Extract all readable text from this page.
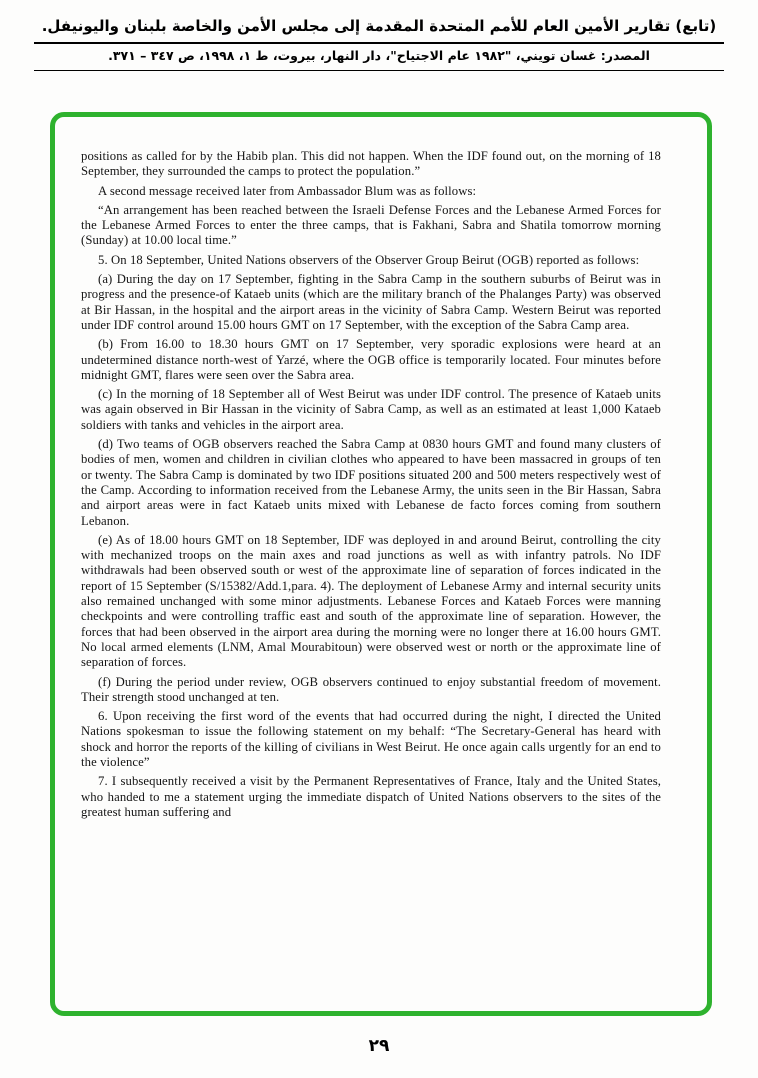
(تابع) تقارير الأمين العام للأمم المتحدة المقدمة إلى مجلس الأمن والخاصة بلبنان واليونيفل.
المصدر: غسان تويني، "١٩٨٢ عام الاجتياح"، دار النهار، بيروت، ط ١، ١٩٩٨، ص ٣٤٧ – ٣٧١.

positions as called for by the Habib plan. This did not happen. When the IDF found out, on the morning of 18 September, they surrounded the camps to protect the population.”

A second message received later from Ambassador Blum was as follows:

“An arrangement has been reached between the Israeli Defense Forces and the Lebanese Armed Forces for the Lebanese Armed Forces to enter the three camps, that is Fakhani, Sabra and Shatila tomorrow morning (Sunday) at 10.00 local time.”

5. On 18 September, United Nations observers of the Observer Group Beirut (OGB) reported as follows:

(a) During the day on 17 September, fighting in the Sabra Camp in the southern suburbs of Beirut was in progress and the presence-of Kataeb units (which are the military branch of the Phalanges Party) was observed at Bir Hassan, in the hospital and the airport areas in the vicinity of Sabra Camp. Western Beirut was reported under IDF control around 15.00 hours GMT on 17 September, with the exception of the Sabra Camp area.

(b) From 16.00 to 18.30 hours GMT on 17 September, very sporadic explosions were heard at an undetermined distance north-west of Yarzé, where the OGB office is temporarily located. Four minutes before midnight GMT, flares were seen over the Sabra area.

(c) In the morning of 18 September all of West Beirut was under IDF control. The presence of Kataeb units was again observed in Bir Hassan in the vicinity of Sabra Camp, as well as an estimated at least 1,000 Kataeb soldiers with tanks and vehicles in the airport area.

(d) Two teams of OGB observers reached the Sabra Camp at 0830 hours GMT and found many clusters of bodies of men, women and children in civilian clothes who appeared to have been massacred in groups of ten or twenty. The Sabra Camp is dominated by two IDF positions situated 200 and 500 meters respectively west of the Camp. According to information received from the Lebanese Army, the units seen in the Bir Hassan, Sabra and airport areas were in fact Kataeb units mixed with Lebanese de facto forces coming from southern Lebanon.

(e) As of 18.00 hours GMT on 18 September, IDF was deployed in and around Beirut, controlling the city with mechanized troops on the main axes and road junctions as well as with infantry patrols. No IDF withdrawals had been observed south or west of the approximate line of separation of forces indicated in the report of 15 September (S/15382/Add.1,para. 4). The deployment of Lebanese Army and internal security units also remained unchanged with some minor adjustments. Lebanese Forces and Kataeb Forces were manning checkpoints and were controlling traffic east and south of the approximate line of separation. However, the forces that had been observed in the airport area during the morning were no longer there at 16.00 hours GMT. No local armed elements (LNM, Amal Mourabitoun) were observed west or north or the approximate line of separation of forces.

(f) During the period under review, OGB observers continued to enjoy substantial freedom of movement. Their strength stood unchanged at ten.

6. Upon receiving the first word of the events that had occurred during the night, I directed the United Nations spokesman to issue the following statement on my behalf: “The Secretary-General has heard with shock and horror the reports of the killing of civilians in West Beirut. He once again calls urgently for an end to the violence”

7. I subsequently received a visit by the Permanent Representatives of France, Italy and the United States, who handed to me a statement urging the immediate dispatch of United Nations observers to the sites of the greatest human suffering and

٢٩
